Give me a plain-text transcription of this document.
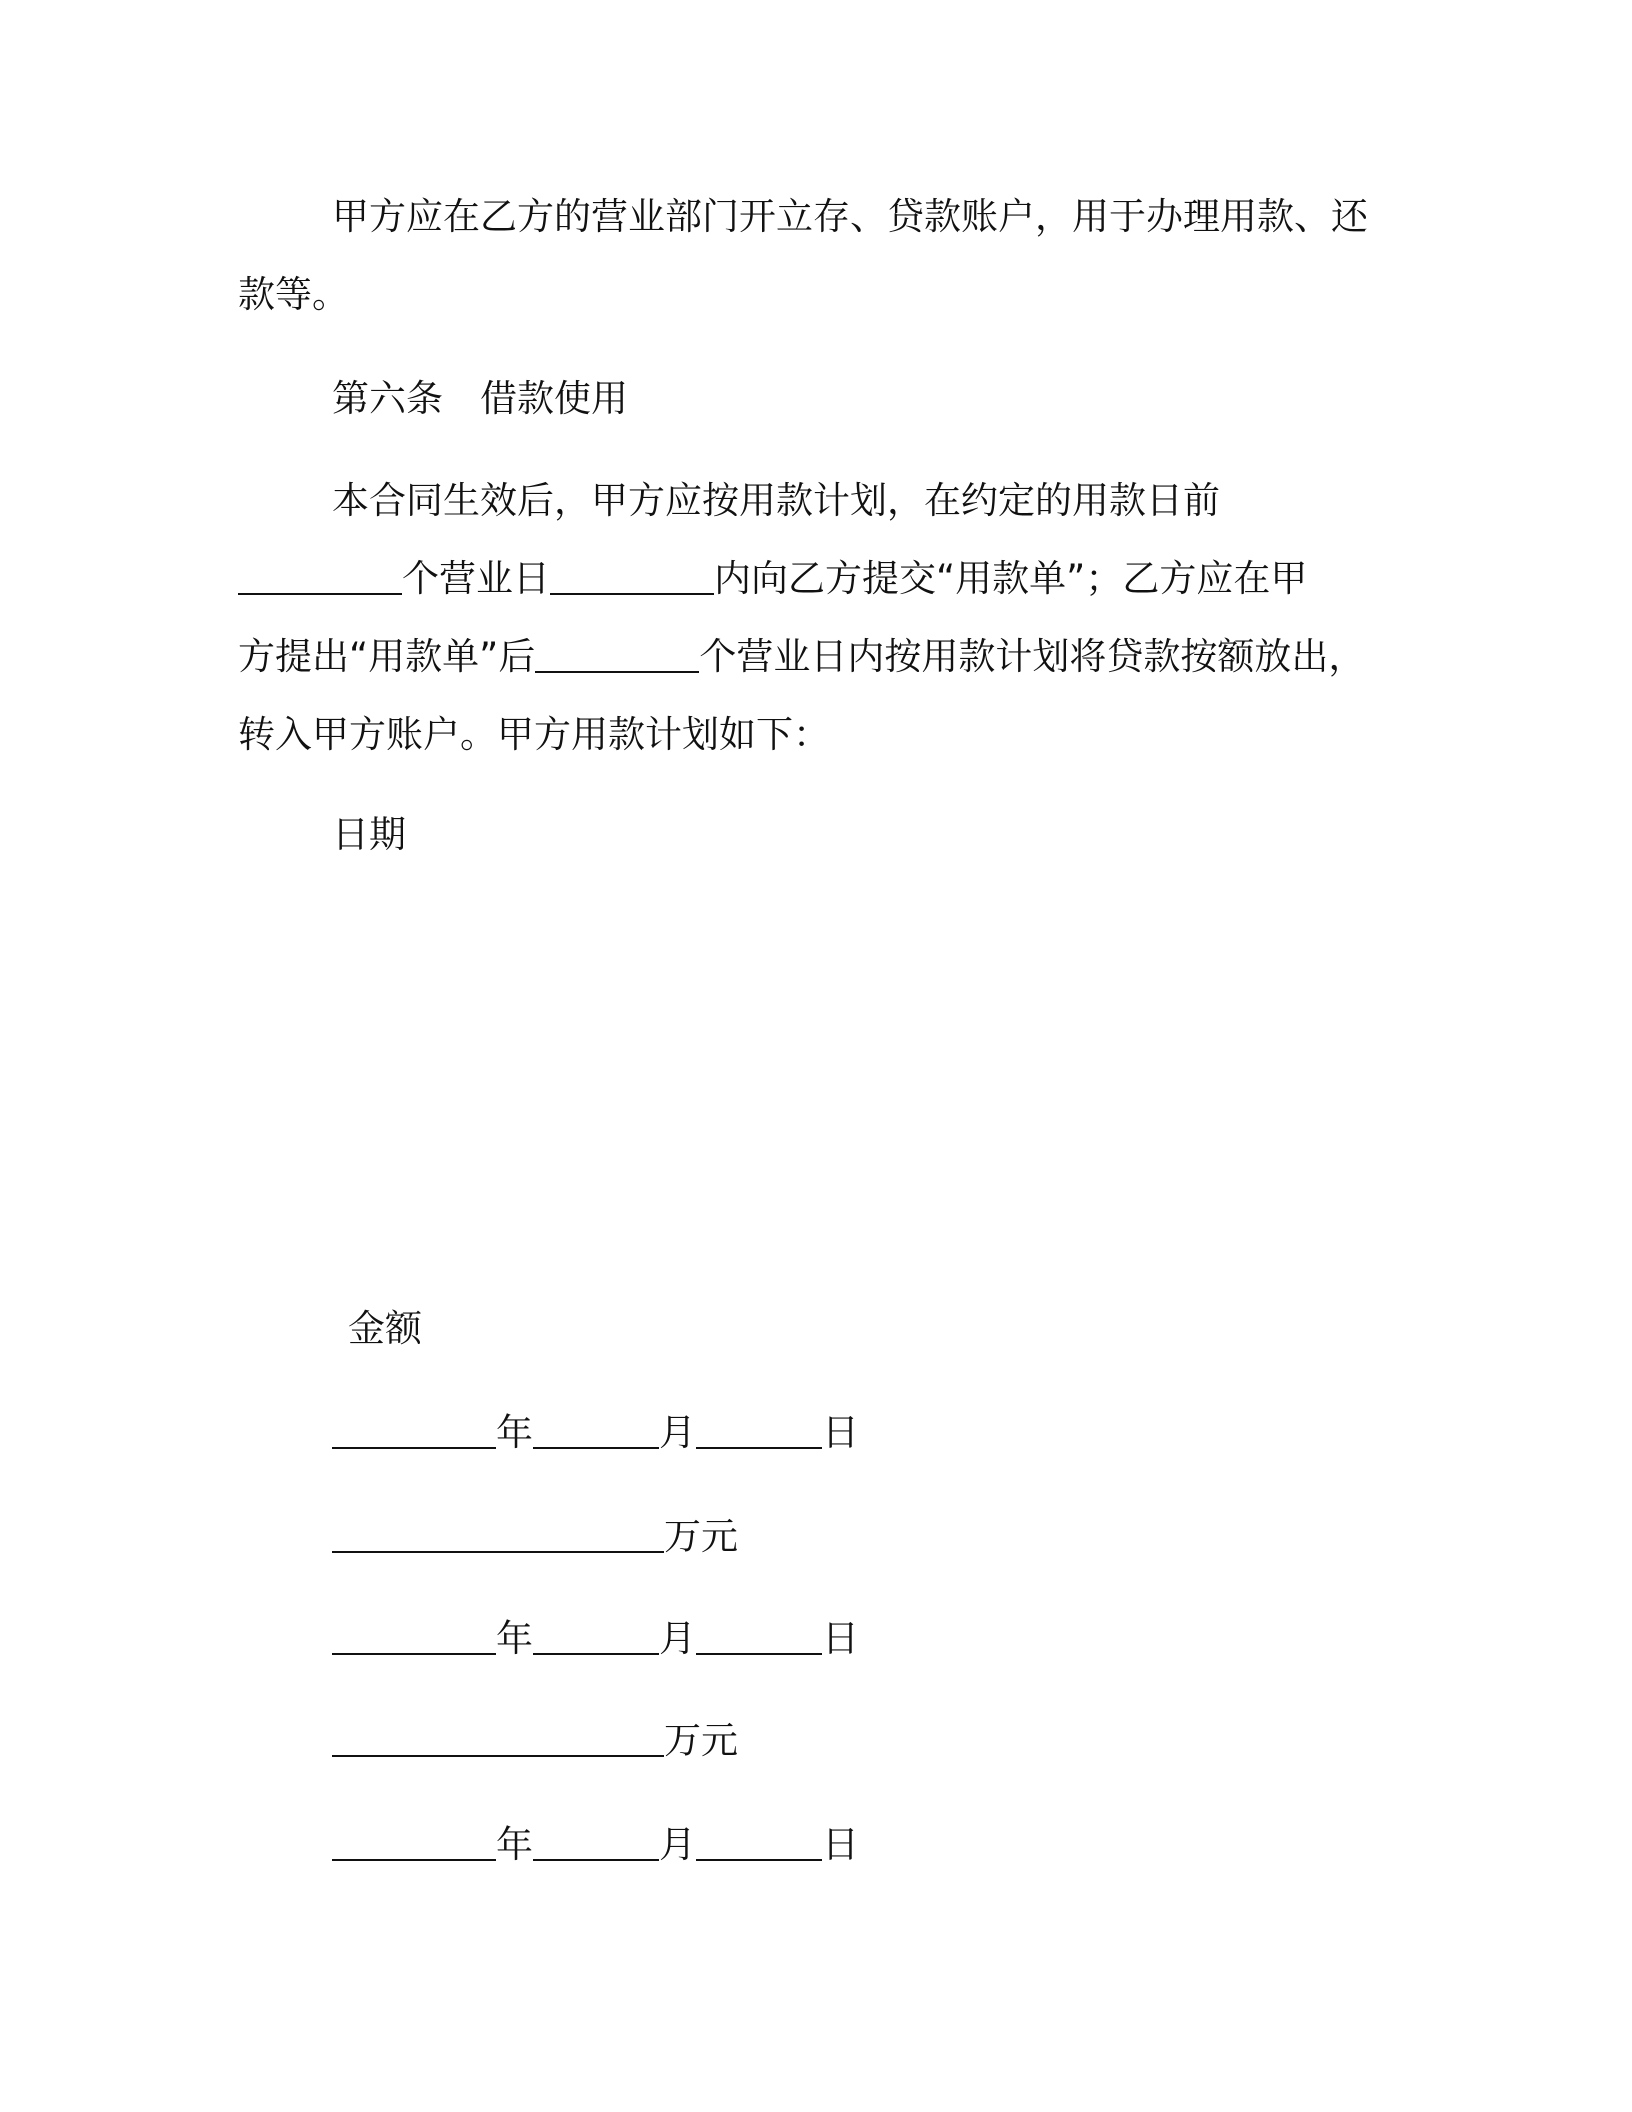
甲方应在乙方的营业部门开立存、贷款账户，用于办理用款、还
款等。
第六条　借款使用
本合同生效后，甲方应按用款计划，在约定的用款日前
个营业日	内向乙方提交“用款单”；乙方应在甲
方提出“用款单”后	个营业日内按用款计划将贷款按额放出，
转入甲方账户。甲方用款计划如下：
日期
金额
年	月	日
万元
年	月	日
万元
年	月	日
